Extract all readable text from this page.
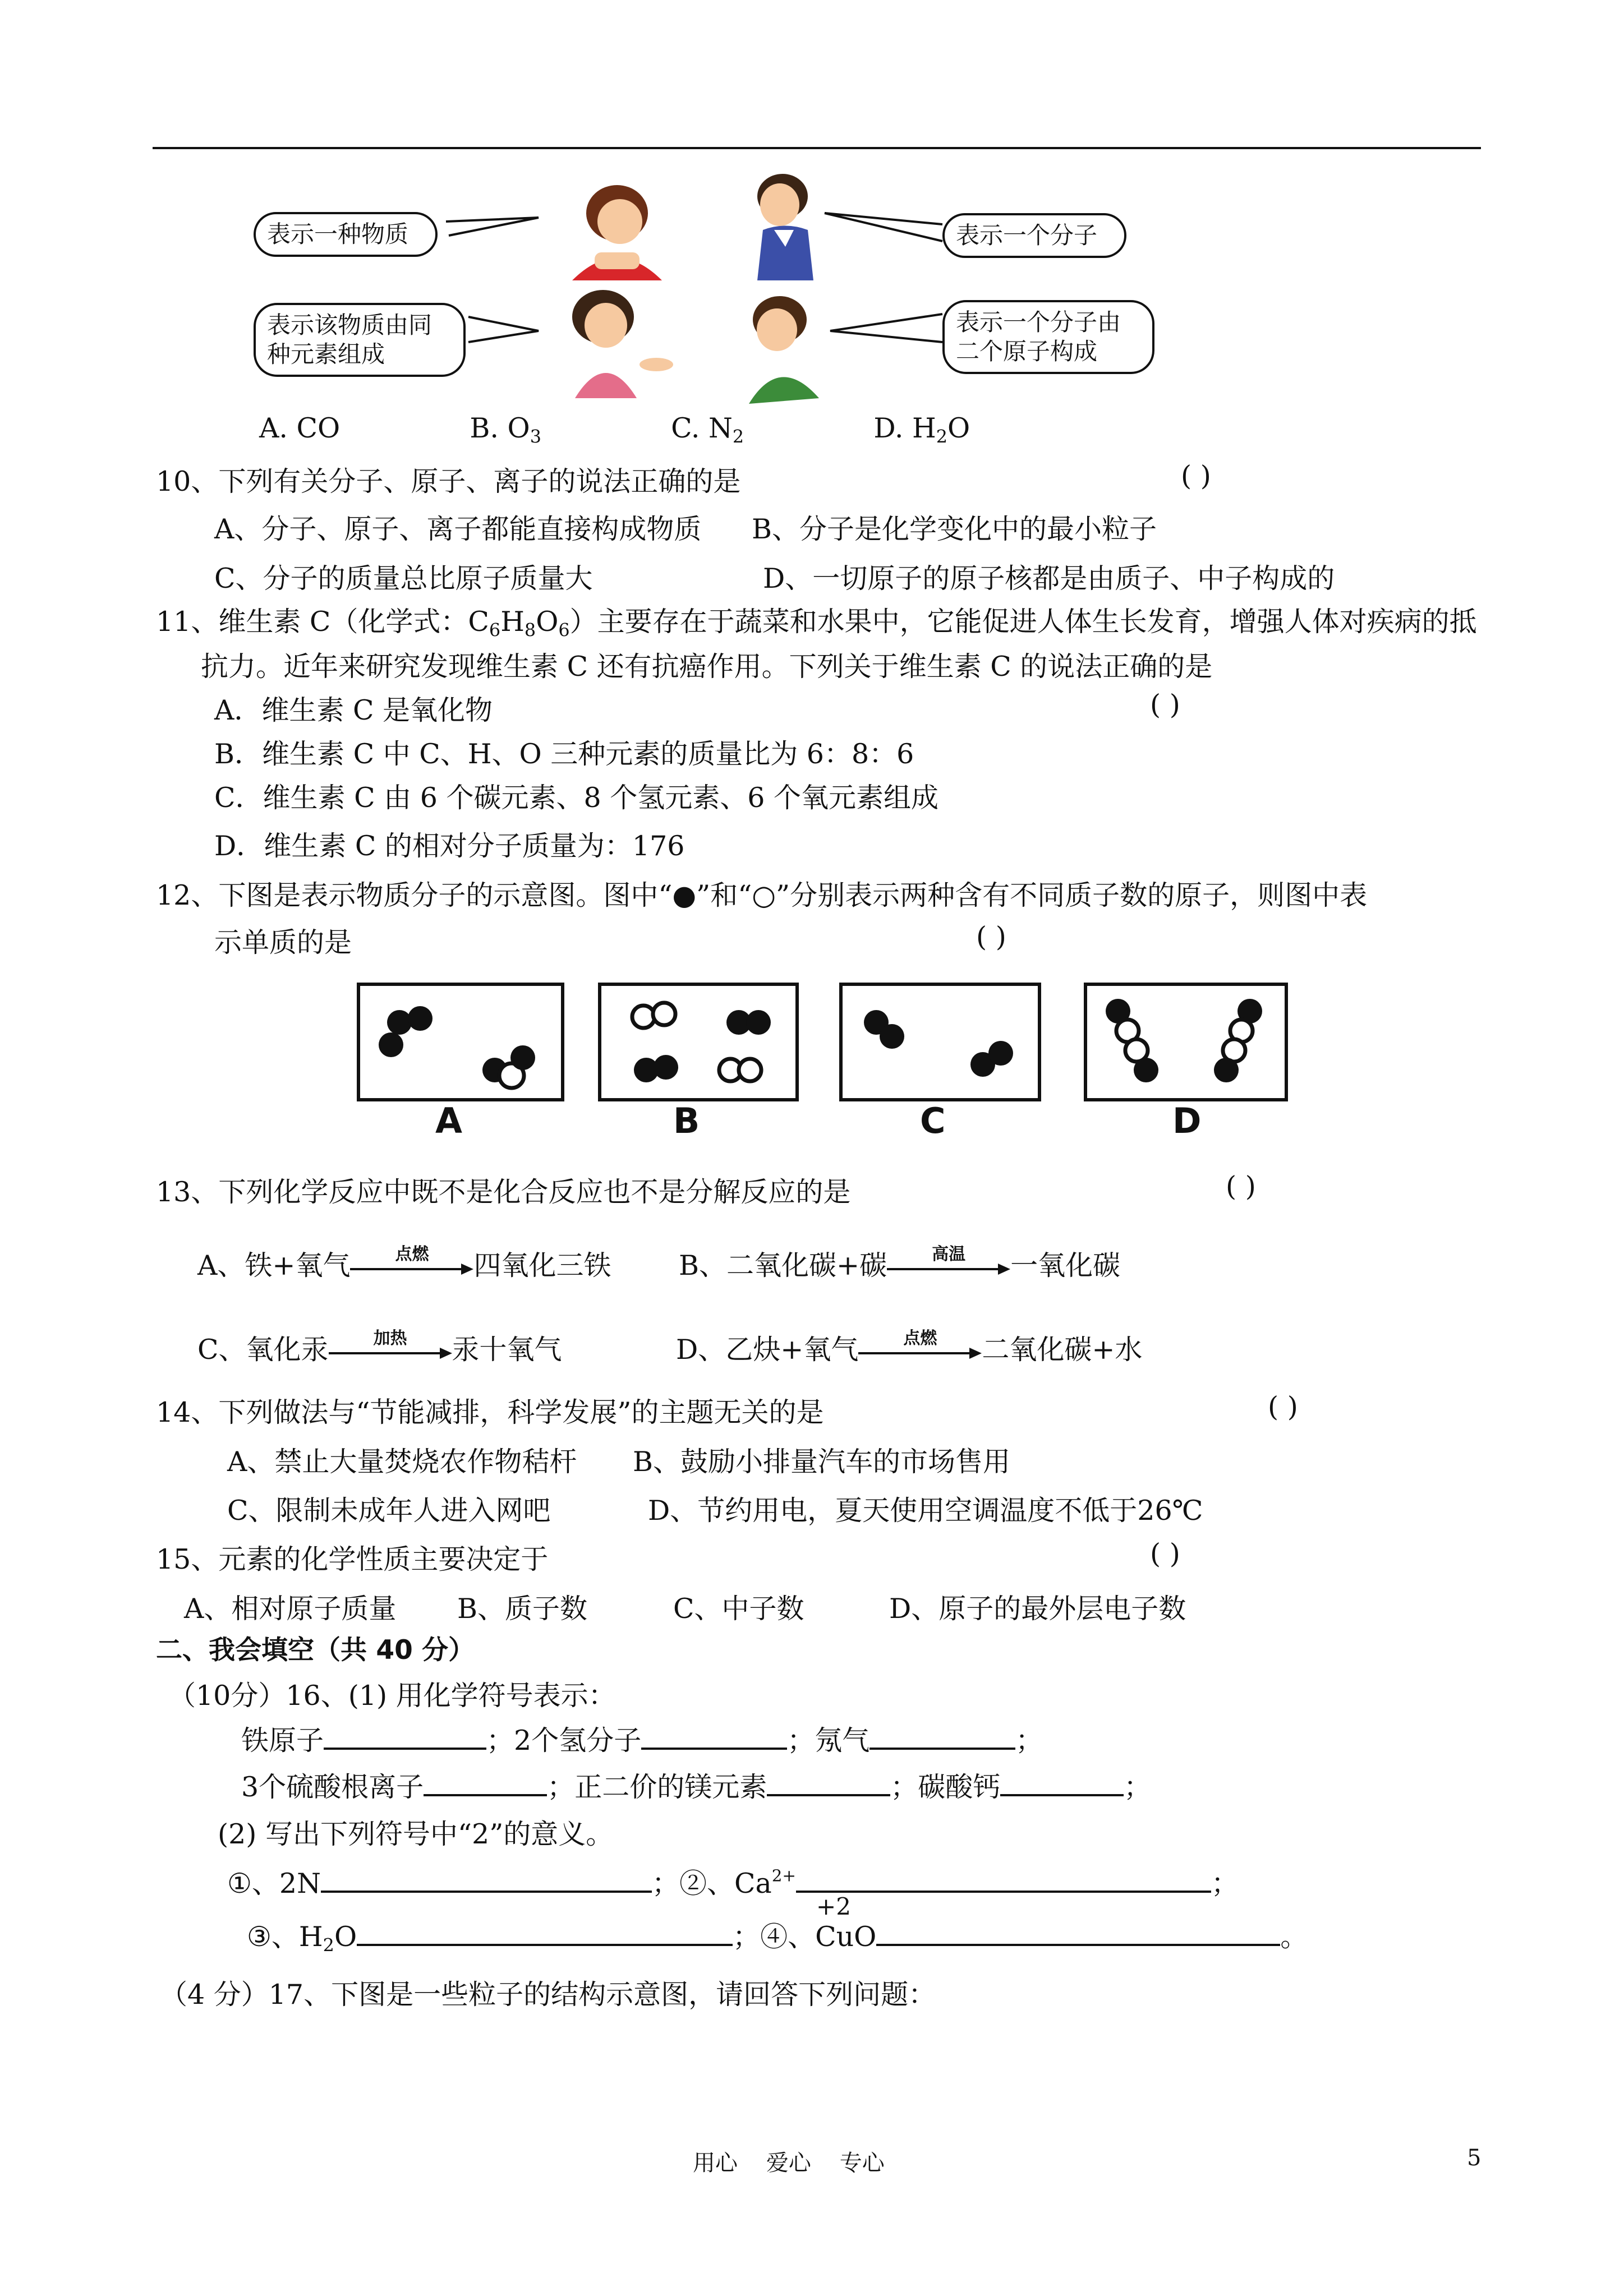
表示一种物质	表示一个分子
表示该物质由同种元素组成
表示一个分子由二个原子构成
A. CO	B. $O_3$	C. $N_2$	D. $H_2O$
10、下列有关分子、原子、离子的说法正确的是	( )
A、分子、原子、离子都能直接构成物质 B、分子是化学变化中的最小粒子
C、分子的质量总比原子质量大	D、一切原子的原子核都是由质子、中子构成的
11、维生素 C（化学式：$C_6H_8O_6$）主要存在于蔬菜和水果中，它能促进人体生长发育，增强人体对疾病的抵
抗力。近年来研究发现维生素 C 还有抗癌作用。下列关于维生素 C 的说法正确的是
A．维生素 C 是氧化物	( )
B．维生素 C 中 C、H、O 三种元素的质量比为 6：8：6
C．维生素 C 由 6 个碳元素、8 个氢元素、6 个氧元素组成
D．维生素 C 的相对分子质量为：176
12、下图是表示物质分子的示意图。图中“●”和“○”分别表示两种含有不同质子数的原子，则图中表
示单质的是	( )
A	B	C	D
13、下列化学反应中既不是化合反应也不是分解反应的是	( )
A、铁+氧气	点燃	四氧化三铁 B、二氧化碳+碳	高温	一氧化碳
C、氧化汞	加热	汞十氧气	D、乙炔+氧气	点燃	二氧化碳+水
14、下列做法与“节能减排，科学发展”的主题无关的是	( )
A、禁止大量焚烧农作物秸杆 B、鼓励小排量汽车的市场售用
C、限制未成年人进入网吧	D、节约用电，夏天使用空调温度不低于26℃
15、元素的化学性质主要决定于	( )
A、相对原子质量 B、质子数	C、中子数	D、原子的最外层电子数
二、我会填空（共 40 分）
（10分）16、(1) 用化学符号表示：
铁原子	；2个氢分子	；氖气	；
3个硫酸根离子	；正二价的镁元素	；碳酸钙	；
(2) 写出下列符号中“2”的意义。
①、2N	；②、$Ca^{2+}$	；
+2
③、$H_2O$	；④、CuO	。
（4 分）17、下图是一些粒子的结构示意图，请回答下列问题：
用心    爱心    专心	5
